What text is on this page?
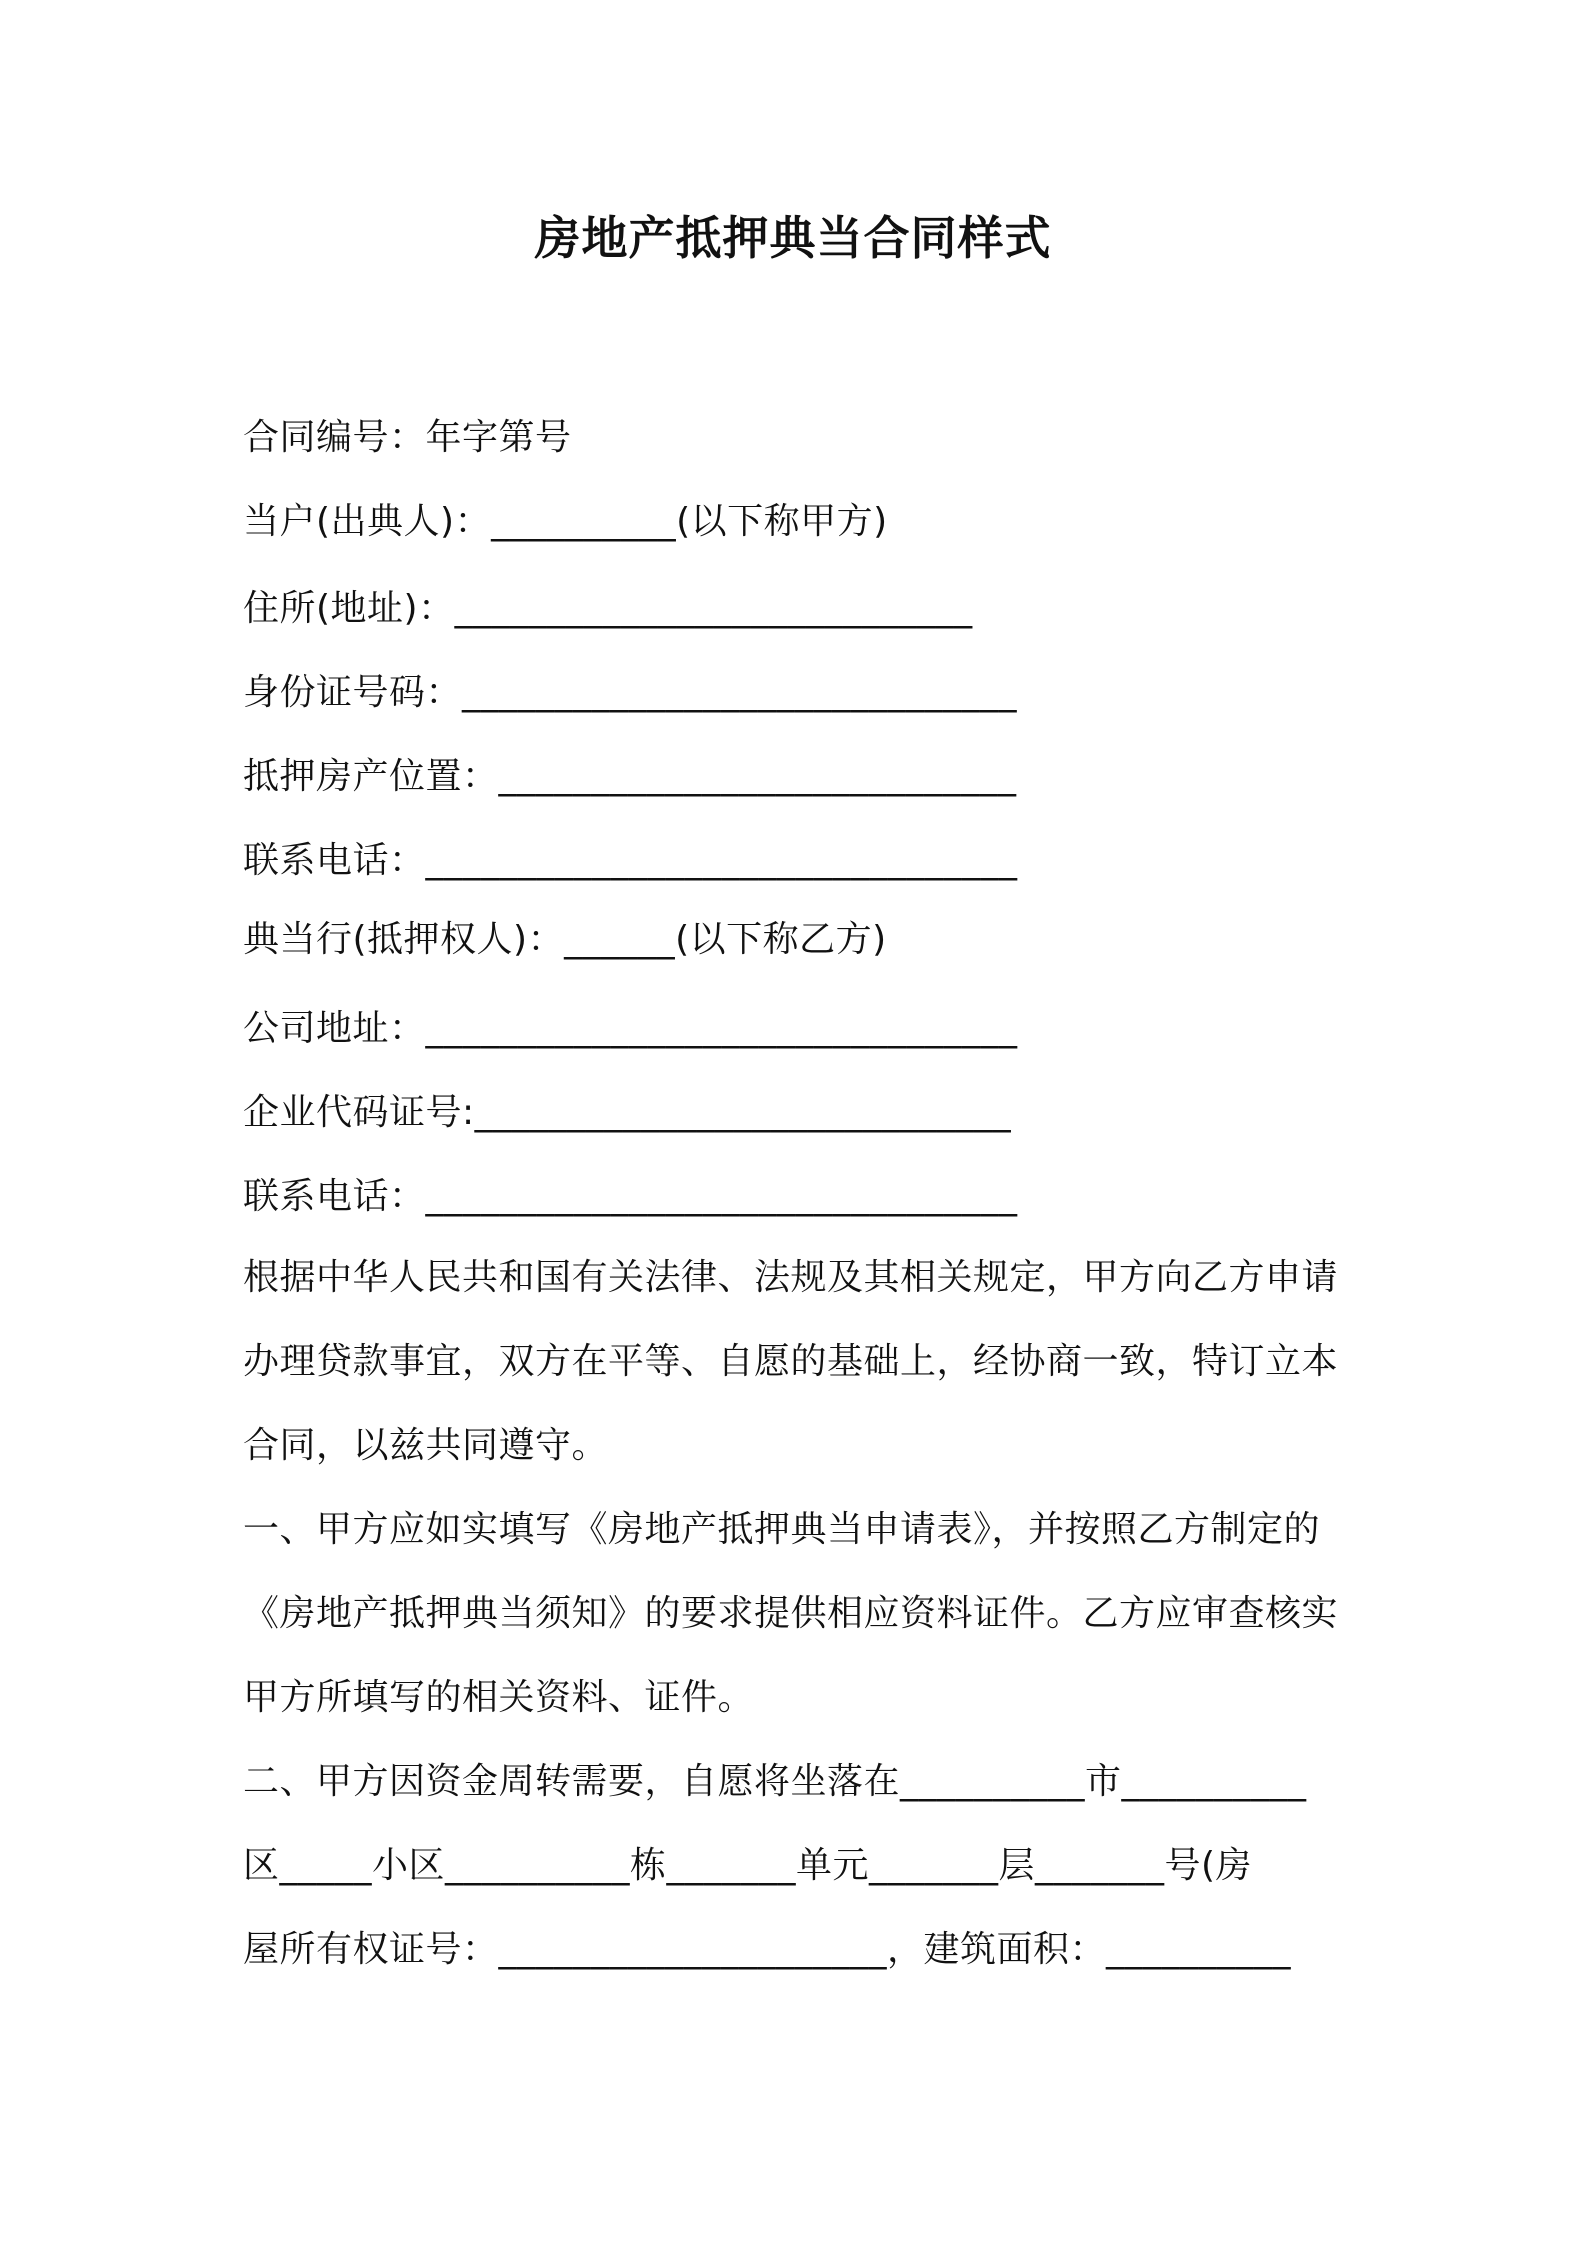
房地产抵押典当合同样式
合同编号：年字第号
当户(出典人)：__________(以下称甲方)
住所(地址)：____________________________
身份证号码：______________________________
抵押房产位置：____________________________
联系电话：________________________________
典当行(抵押权人)：______(以下称乙方)
公司地址：________________________________
企业代码证号:_____________________________
联系电话：________________________________
根据中华人民共和国有关法律、法规及其相关规定，甲方向乙方申请
办理贷款事宜，双方在平等、自愿的基础上，经协商一致，特订立本
合同，以兹共同遵守。
一、甲方应如实填写《房地产抵押典当申请表》，并按照乙方制定的
《房地产抵押典当须知》的要求提供相应资料证件。乙方应审查核实
甲方所填写的相关资料、证件。
二、甲方因资金周转需要，自愿将坐落在__________市__________
区_____小区__________栋_______单元_______层_______号(房
屋所有权证号：_____________________，建筑面积：__________
